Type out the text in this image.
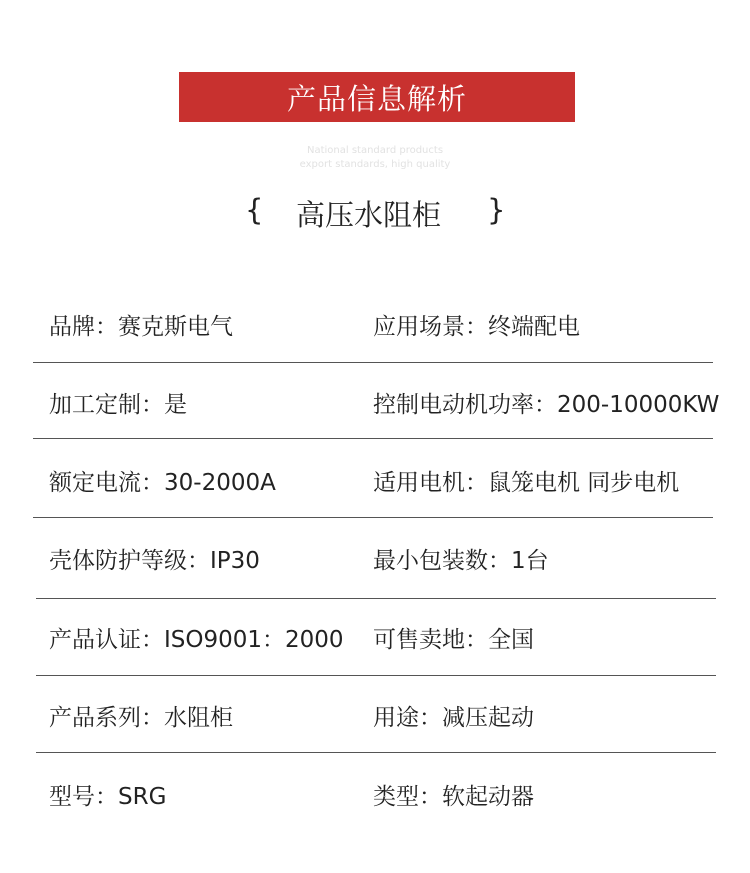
产品信息解析
National standard products
export standards, high quality
{ 高压水阻柜 }
品牌：赛克斯电气	应用场景：终端配电
加工定制：是	控制电动机功率：200-10000KW
额定电流：30-2000A	适用电机：鼠笼电机 同步电机
壳体防护等级：IP30	最小包装数：1台
产品认证：ISO9001：2000 可售卖地：全国
产品系列：水阻柜	用途：减压起动
型号：SRG	类型：软起动器
